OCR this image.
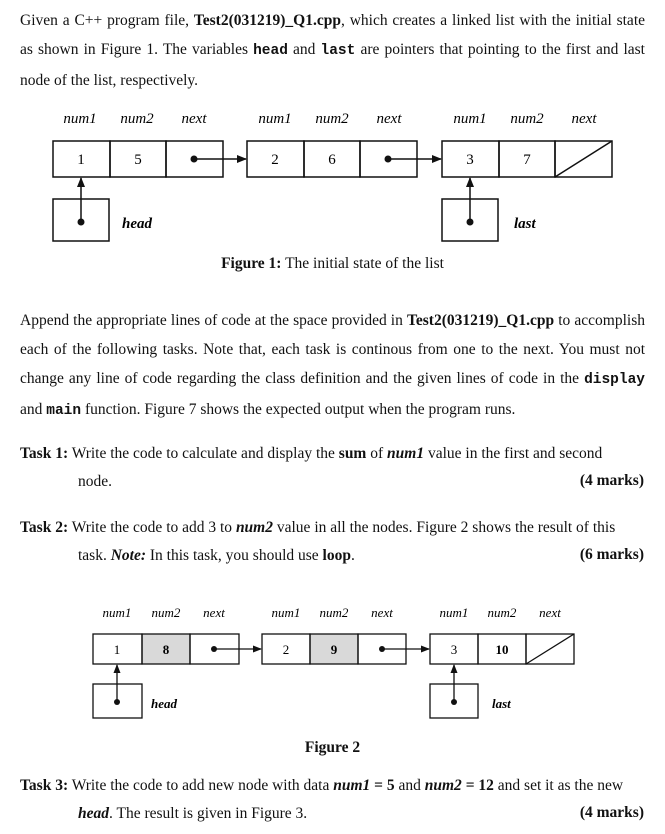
Given a C++ program file, Test2(031219)_Q1.cpp, which creates a linked list with the initial state as shown in Figure 1. The variables head and last are pointers that pointing to the first and last node of the list, respectively.
num1 num2 next	num1 num2 next	num1 num2 next
1	5	2	6	3	7
head	last
Figure 1: The initial state of the list
Append the appropriate lines of code at the space provided in Test2(031219)_Q1.cpp to accomplish each of the following tasks. Note that, each task is continous from one to the next. You must not change any line of code regarding the class definition and the given lines of code in the display and main function. Figure 7 shows the expected output when the program runs.
Task 1: Write the code to calculate and display the sum of num1 value in the first and second
node.	(4 marks)
Task 2: Write the code to add 3 to num2 value in all the nodes. Figure 2 shows the result of this
task. Note: In this task, you should use loop.	(6 marks)
num1 num2 next	num1 num2 next	num1 num2 next
1	8	2	9	3	10
head	last
Figure 2
Task 3: Write the code to add new node with data num1 = 5 and num2 = 12 and set it as the new
head. The result is given in Figure 3.	(4 marks)
